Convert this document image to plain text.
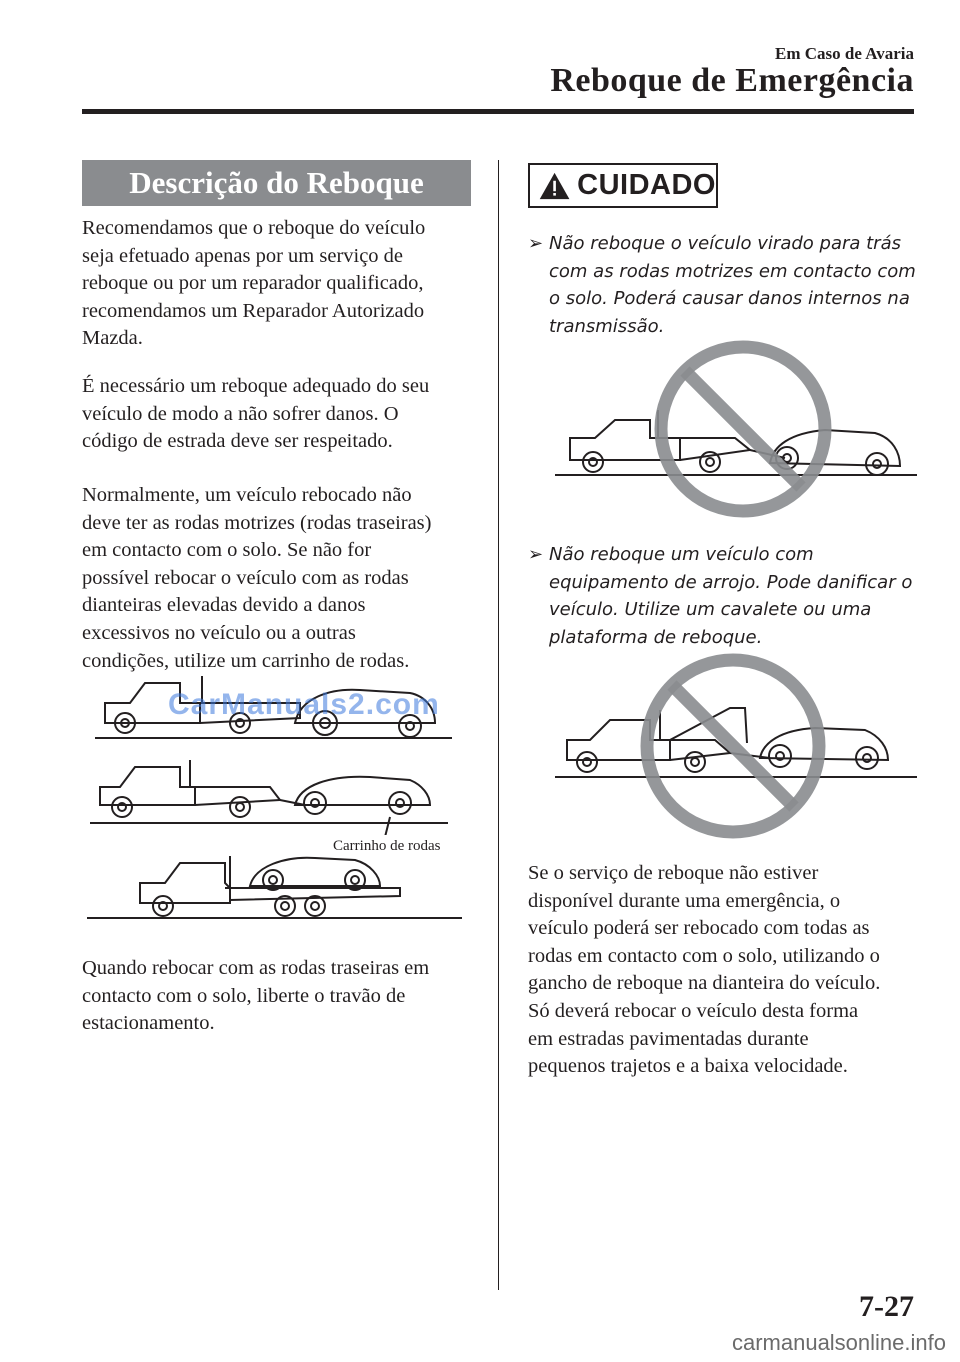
Em Caso de Avaria
Reboque de Emergência
Descrição do Reboque
Recomendamos que o reboque do veículo
seja efetuado apenas por um serviço de
reboque ou por um reparador qualificado,
recomendamos um Reparador Autorizado
Mazda.
É necessário um reboque adequado do seu
veículo de modo a não sofrer danos. O
código de estrada deve ser respeitado.
Normalmente, um veículo rebocado não
deve ter as rodas motrizes (rodas traseiras)
em contacto com o solo. Se não for
possível rebocar o veículo com as rodas
dianteiras elevadas devido a danos
excessivos no veículo ou a outras
condições, utilize um carrinho de rodas.
CarManuals2.com
Carrinho de rodas
Quando rebocar com as rodas traseiras em
contacto com o solo, liberte o travão de
estacionamento.
CUIDADO
➢ Não reboque o veículo virado para trás
com as rodas motrizes em contacto com
o solo. Poderá causar danos internos na
transmissão.
➢ Não reboque um veículo com
equipamento de arrojo. Pode danificar o
veículo. Utilize um cavalete ou uma
plataforma de reboque.
Se o serviço de reboque não estiver
disponível durante uma emergência, o
veículo poderá ser rebocado com todas as
rodas em contacto com o solo, utilizando o
gancho de reboque na dianteira do veículo.
Só deverá rebocar o veículo desta forma
em estradas pavimentadas durante
pequenos trajetos e a baixa velocidade.
7-27
carmanualsonline.info
